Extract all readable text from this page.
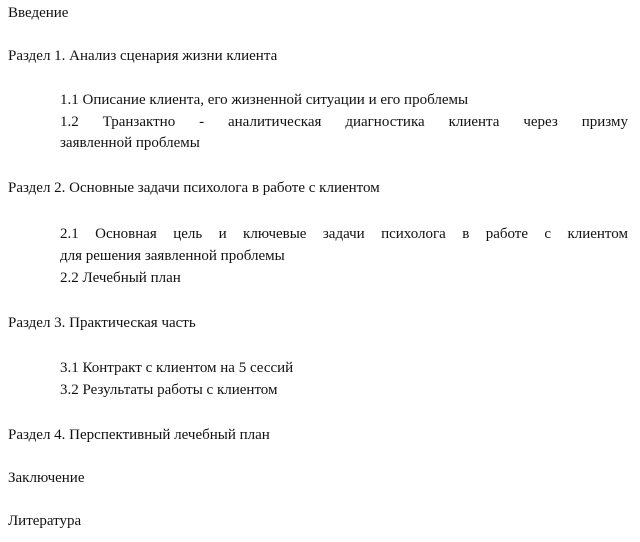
Введение
Раздел 1. Анализ сценария жизни клиента
1.1 Описание клиента, его жизненной ситуации и его проблемы
1.2 Транзактно - аналитическая диагностика клиента через призму
заявленной проблемы
Раздел 2. Основные задачи психолога в работе с клиентом
2.1 Основная цель и ключевые задачи психолога в работе с клиентом
для решения заявленной проблемы
2.2 Лечебный план
Раздел 3. Практическая часть
3.1 Контракт с клиентом на 5 сессий
3.2 Результаты работы с клиентом
Раздел 4. Перспективный лечебный план
Заключение
Литература
